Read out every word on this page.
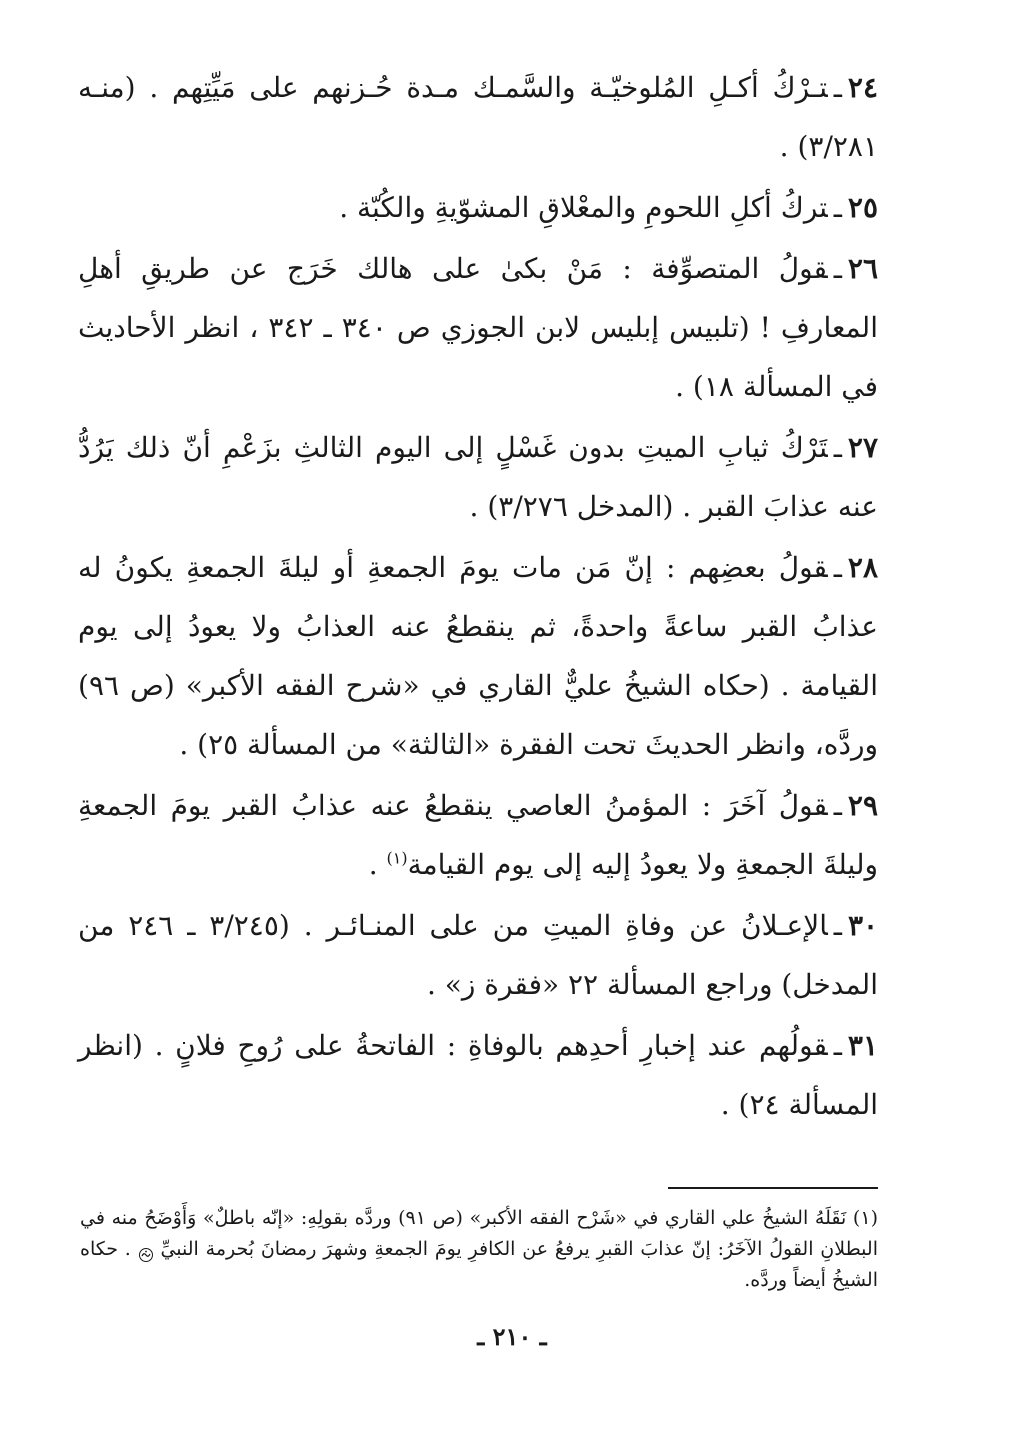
٢٤ـتـرْكُ أكـلِ المُلوخيّـة والسَّمـك مـدة حُـزنهم على مَيِّتِهم . (منـه ٣/٢٨١) .

٢٥ـتركُ أكلِ اللحومِ والمعْلاقِ المشوّيةِ والكُبّة .

٢٦ـقولُ المتصوِّفة : مَنْ بكىٰ على هالك خَرَج عن طريقِ أهلِ المعارفِ ! (تلبيس إبليس لابن الجوزي ص ٣٤٠ ـ ٣٤٢ ، انظر الأحاديث في المسألة ١٨) .

٢٧ـتَرْكُ ثيابِ الميتِ بدون غَسْلٍ إلى اليوم الثالثِ بزَعْمِ أنّ ذلك يَرُدُّ عنه عذابَ القبر . (المدخل ٣/٢٧٦) .

٢٨ـقولُ بعضِهم : إنّ مَن مات يومَ الجمعةِ أو ليلةَ الجمعةِ يكونُ له عذابُ القبر ساعةً واحدةً، ثم ينقطعُ عنه العذابُ ولا يعودُ إلى يوم القيامة . (حكاه الشيخُ عليٌّ القاري في «شرح الفقه الأكبر» (ص ٩٦) وردَّه، وانظر الحديثَ تحت الفقرة «الثالثة» من المسألة ٢٥) .

٢٩ـقولُ آخَرَ : المؤمنُ العاصي ينقطعُ عنه عذابُ القبر يومَ الجمعةِ وليلةَ الجمعةِ ولا يعودُ إليه إلى يوم القيامة$^{(١)}$ .

٣٠ـالإعـلانُ عن وفاةِ الميتِ من على المنـائـر . (٣/٢٤٥ ـ ٢٤٦ من المدخل) وراجع المسألة ٢٢ «فقرة ز» .

٣١ـقولُهم عند إخبارِ أحدِهم بالوفاةِ : الفاتحةُ على رُوحِ فلانٍ . (انظر المسألة ٢٤) .

(١) نَقَلَهُ الشيخُ علي القاري في «شَرْح الفقه الأكبر» (ص ٩١) وردَّه بقولِهِ: «إنّه باطلٌ» وَأَوْضَحُ منه في البطلانِ القولُ الآخَرُ: إنّ عذابَ القبرِ يرفعُ عن الكافرِ يومَ الجمعةِ وشهرَ رمضانَ بُحرمة النبيِّ  . حكاه الشيخُ أيضاً وردَّه.
ـ ٢١٠ ـ
